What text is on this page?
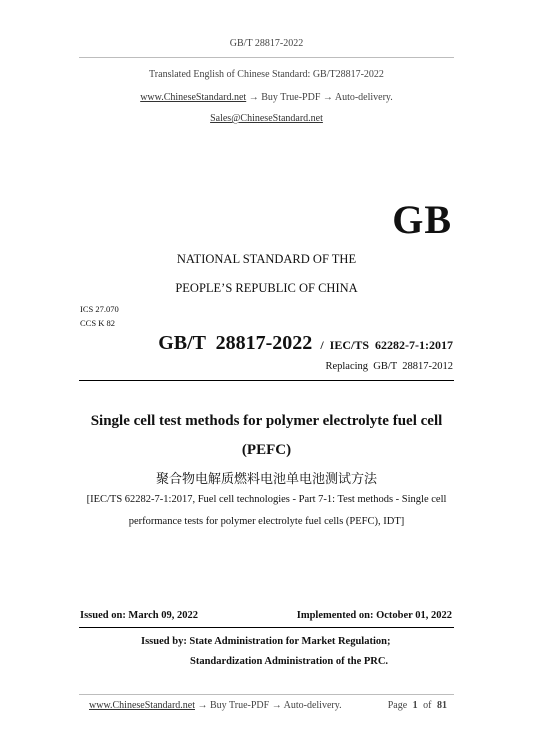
GB/T 28817-2022
Translated English of Chinese Standard: GB/T28817-2022
www.ChineseStandard.net → Buy True-PDF → Auto-delivery.
Sales@ChineseStandard.net
GB
NATIONAL STANDARD OF THE
PEOPLE’S REPUBLIC OF CHINA
ICS 27.070
CCS K 82
GB/T  28817-2022 /  IEC/TS  62282-7-1:2017
Replacing  GB/T  28817-2012
Single cell test methods for polymer electrolyte fuel cell
(PEFC)
聚合物电解质燃料电池单电池测试方法
[IEC/TS 62282-7-1:2017, Fuel cell technologies - Part 7-1: Test methods - Single cell
performance tests for polymer electrolyte fuel cells (PEFC), IDT]
Issued on: March 09, 2022	Implemented on: October 01, 2022
Issued by: State Administration for Market Regulation;
Standardization Administration of the PRC.
www.ChineseStandard.net → Buy True-PDF → Auto-delivery.	Page 1 of 81
